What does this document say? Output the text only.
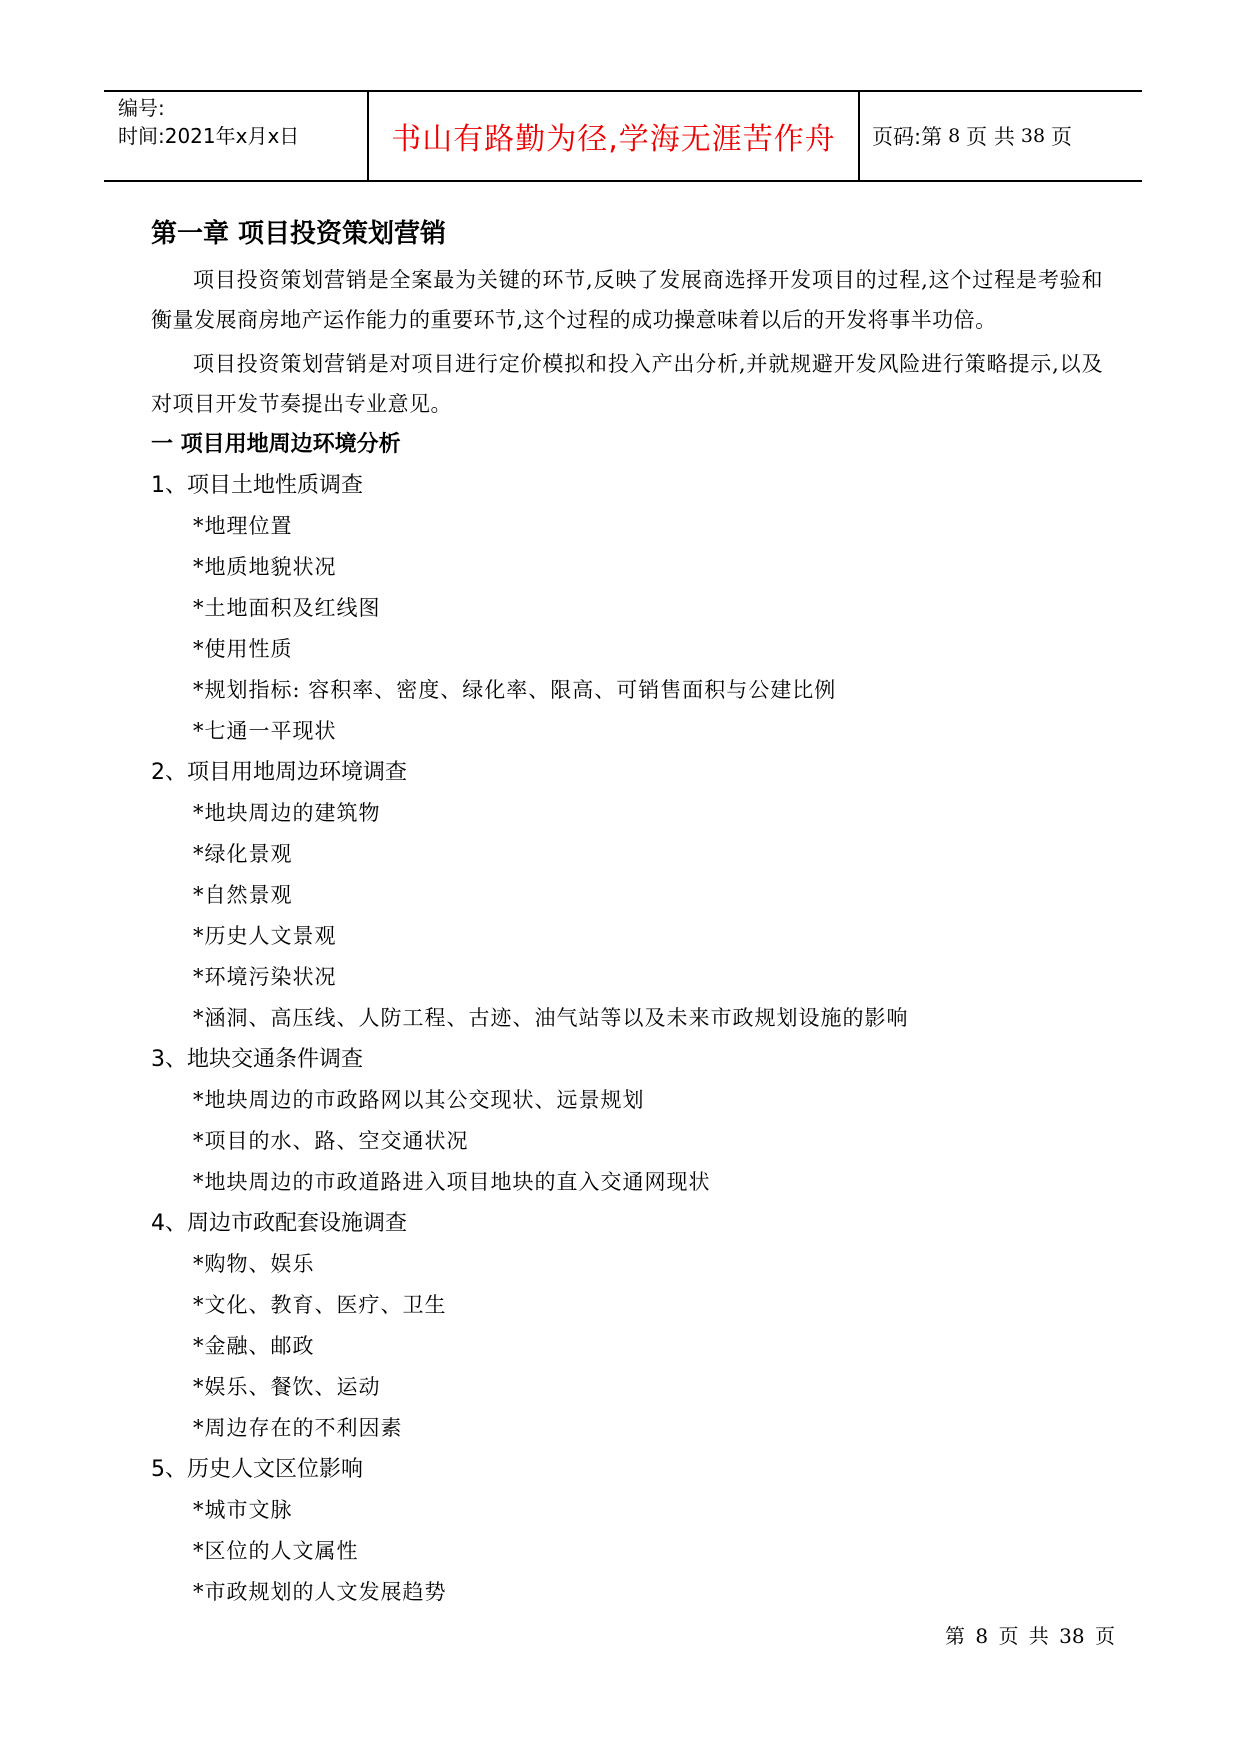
编号:
时间:2021年x月x日	书山有路勤为径,学海无涯苦作舟 页码:第 8 页 共 38 页
第一章 项目投资策划营销

项目投资策划营销是全案最为关键的环节,反映了发展商选择开发项目的过程,这个过程是考验和衡量发展商房地产运作能力的重要环节,这个过程的成功操意味着以后的开发将事半功倍。

项目投资策划营销是对项目进行定价模拟和投入产出分析,并就规避开发风险进行策略提示,以及对项目开发节奏提出专业意见。

一 项目用地周边环境分析
1、项目土地性质调查
*地理位置
*地质地貌状况
*土地面积及红线图
*使用性质
*规划指标: 容积率、密度、绿化率、限高、可销售面积与公建比例
*七通一平现状
2、项目用地周边环境调查
*地块周边的建筑物
*绿化景观
*自然景观
*历史人文景观
*环境污染状况
*涵洞、高压线、人防工程、古迹、油气站等以及未来市政规划设施的影响
3、地块交通条件调查
*地块周边的市政路网以其公交现状、远景规划
*项目的水、路、空交通状况
*地块周边的市政道路进入项目地块的直入交通网现状
4、周边市政配套设施调查
*购物、娱乐
*文化、教育、医疗、卫生
*金融、邮政
*娱乐、餐饮、运动
*周边存在的不利因素
5、历史人文区位影响
*城市文脉
*区位的人文属性
*市政规划的人文发展趋势
第 8 页 共 38 页
